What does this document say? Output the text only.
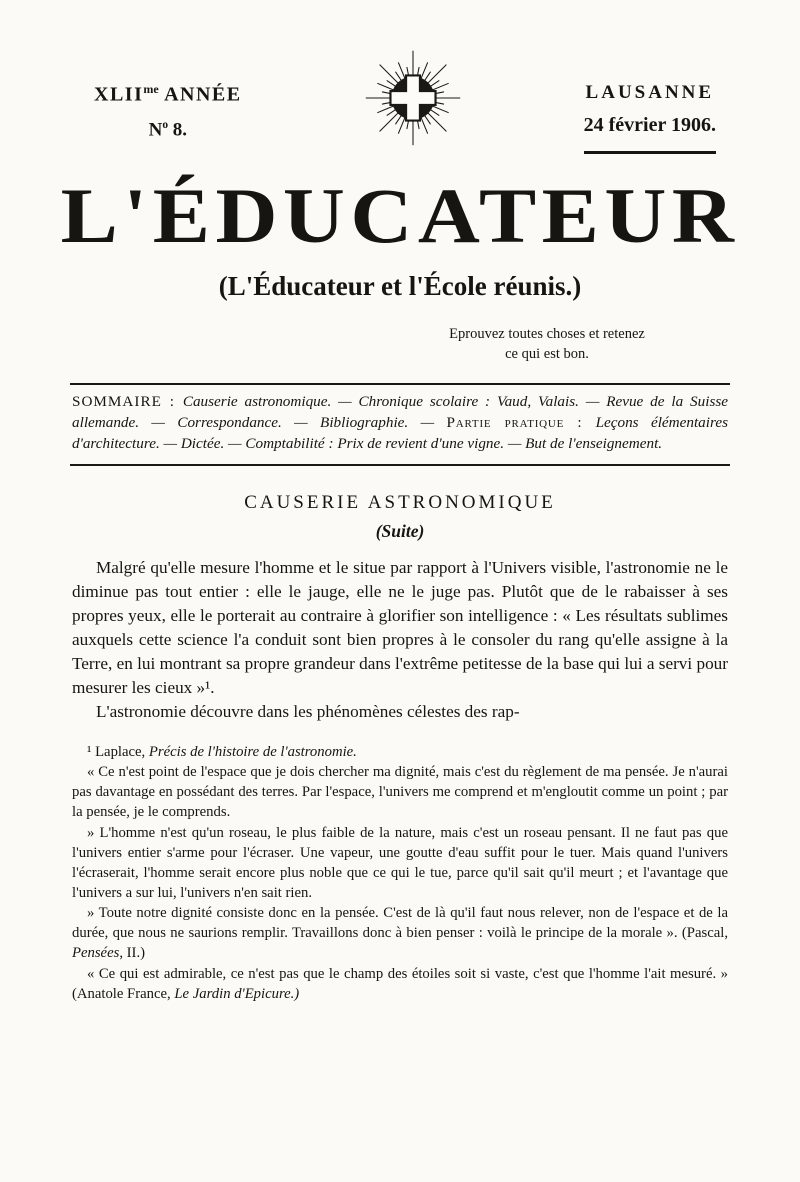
$XLII^{me}$ ANNÉE
$N^o$ 8.
LAUSANNE
24 février 1906.
L'ÉDUCATEUR
(L'Éducateur et l'École réunis.)
Eprouvez toutes choses et retenez
ce qui est bon.
SOMMAIRE : Causerie astronomique. — Chronique scolaire : Vaud, Valais. — Revue de la Suisse allemande. — Correspondance. — Bibliographie. — Partie pratique : Leçons élémentaires d'architecture. — Dictée. — Comptabilité : Prix de revient d'une vigne. — But de l'enseignement.
CAUSERIE ASTRONOMIQUE
(Suite)

Malgré qu'elle mesure l'homme et le situe par rapport à l'Univers visible, l'astronomie ne le diminue pas tout entier : elle le jauge, elle ne le juge pas. Plutôt que de le rabaisser à ses propres yeux, elle le porterait au contraire à glorifier son intelligence : « Les résultats sublimes auxquels cette science l'a conduit sont bien propres à le consoler du rang qu'elle assigne à la Terre, en lui montrant sa propre grandeur dans l'extrême petitesse de la base qui lui a servi pour mesurer les cieux »¹.

L'astronomie découvre dans les phénomènes célestes des rap-

¹ Laplace, Précis de l'histoire de l'astronomie.

« Ce n'est point de l'espace que je dois chercher ma dignité, mais c'est du règlement de ma pensée. Je n'aurai pas davantage en possédant des terres. Par l'espace, l'univers me comprend et m'engloutit comme un point ; par la pensée, je le comprends.

» L'homme n'est qu'un roseau, le plus faible de la nature, mais c'est un roseau pensant. Il ne faut pas que l'univers entier s'arme pour l'écraser. Une vapeur, une goutte d'eau suffit pour le tuer. Mais quand l'univers l'écraserait, l'homme serait encore plus noble que ce qui le tue, parce qu'il sait qu'il meurt ; et l'avantage que l'univers a sur lui, l'univers n'en sait rien.

» Toute notre dignité consiste donc en la pensée. C'est de là qu'il faut nous relever, non de l'espace et de la durée, que nous ne saurions remplir. Travaillons donc à bien penser : voilà le principe de la morale ». (Pascal, Pensées, II.)

« Ce qui est admirable, ce n'est pas que le champ des étoiles soit si vaste, c'est que l'homme l'ait mesuré. » (Anatole France, Le Jardin d'Epicure.)
